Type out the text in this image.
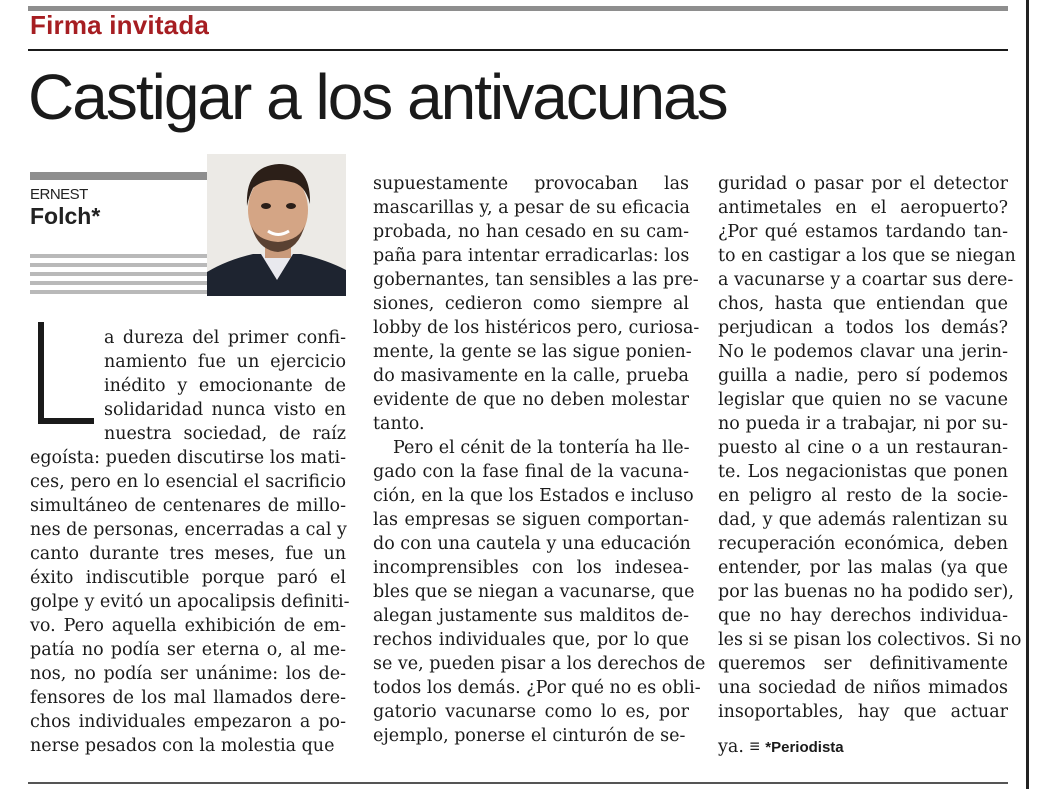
Firma invitada
Castigar a los antivacunas
ERNEST
Folch*
a dureza del primer confi-
namiento fue un ejercicio
inédito y emocionante de
solidaridad nunca visto en
nuestra sociedad, de raíz
egoísta: pueden discutirse los mati-
ces, pero en lo esencial el sacrificio
simultáneo de centenares de millo-
nes de personas, encerradas a cal y
canto durante tres meses, fue un
éxito indiscutible porque paró el
golpe y evitó un apocalipsis definiti-
vo. Pero aquella exhibición de em-
patía no podía ser eterna o, al me-
nos, no podía ser unánime: los de-
fensores de los mal llamados dere-
chos individuales empezaron a po-
nerse pesados con la molestia que
supuestamente provocaban las
mascarillas y, a pesar de su eficacia
probada, no han cesado en su cam-
paña para intentar erradicarlas: los
gobernantes, tan sensibles a las pre-
siones, cedieron como siempre al
lobby de los histéricos pero, curiosa-
mente, la gente se las sigue ponien-
do masivamente en la calle, prueba
evidente de que no deben molestar
tanto.
Pero el cénit de la tontería ha lle-
gado con la fase final de la vacuna-
ción, en la que los Estados e incluso
las empresas se siguen comportan-
do con una cautela y una educación
incomprensibles con los indesea-
bles que se niegan a vacunarse, que
alegan justamente sus malditos de-
rechos individuales que, por lo que
se ve, pueden pisar a los derechos de
todos los demás. ¿Por qué no es obli-
gatorio vacunarse como lo es, por
ejemplo, ponerse el cinturón de se-
guridad o pasar por el detector
antimetales en el aeropuerto?
¿Por qué estamos tardando tan-
to en castigar a los que se niegan
a vacunarse y a coartar sus dere-
chos, hasta que entiendan que
perjudican a todos los demás?
No le podemos clavar una jerin-
guilla a nadie, pero sí podemos
legislar que quien no se vacune
no pueda ir a trabajar, ni por su-
puesto al cine o a un restauran-
te. Los negacionistas que ponen
en peligro al resto de la socie-
dad, y que además ralentizan su
recuperación económica, deben
entender, por las malas (ya que
por las buenas no ha podido ser),
que no hay derechos individua-
les si se pisan los colectivos. Si no
queremos ser definitivamente
una sociedad de niños mimados
insoportables, hay que actuar
ya. ≡ *Periodista
